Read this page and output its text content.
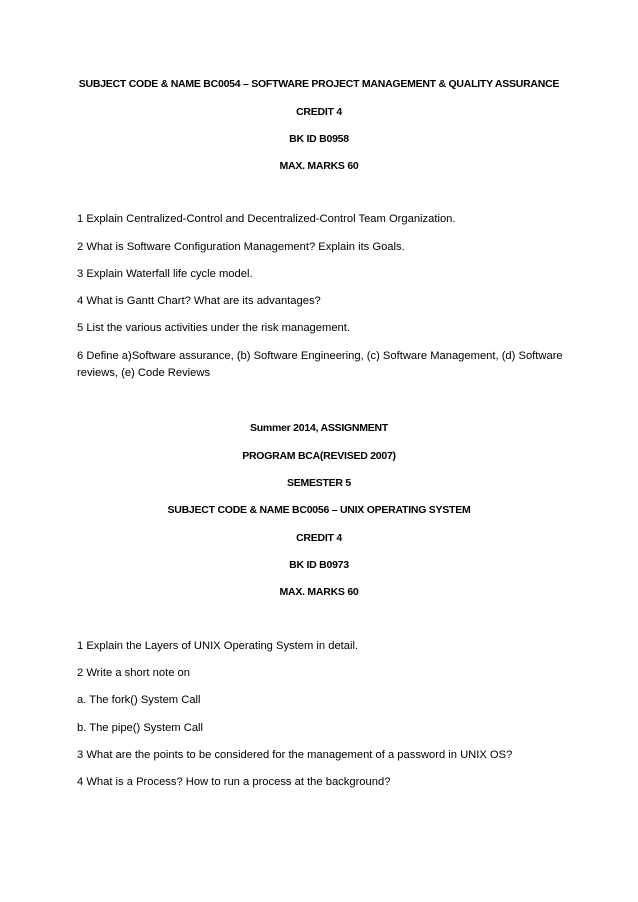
SUBJECT CODE & NAME BC0054 – SOFTWARE PROJECT MANAGEMENT & QUALITY ASSURANCE
CREDIT 4
BK ID B0958
MAX. MARKS 60
1 Explain Centralized-Control and Decentralized-Control Team Organization.
2 What is Software Configuration Management? Explain its Goals.
3 Explain Waterfall life cycle model.
4 What is Gantt Chart? What are its advantages?
5 List the various activities under the risk management.
6 Define a)Software assurance, (b) Software Engineering, (c) Software Management, (d) Software reviews, (e) Code Reviews
Summer 2014, ASSIGNMENT
PROGRAM BCA(REVISED 2007)
SEMESTER 5
SUBJECT CODE & NAME BC0056 – UNIX OPERATING SYSTEM
CREDIT 4
BK ID B0973
MAX. MARKS 60
1 Explain the Layers of UNIX Operating System in detail.
2 Write a short note on
a. The fork() System Call
b. The pipe() System Call
3 What are the points to be considered for the management of a password in UNIX OS?
4 What is a Process? How to run a process at the background?
